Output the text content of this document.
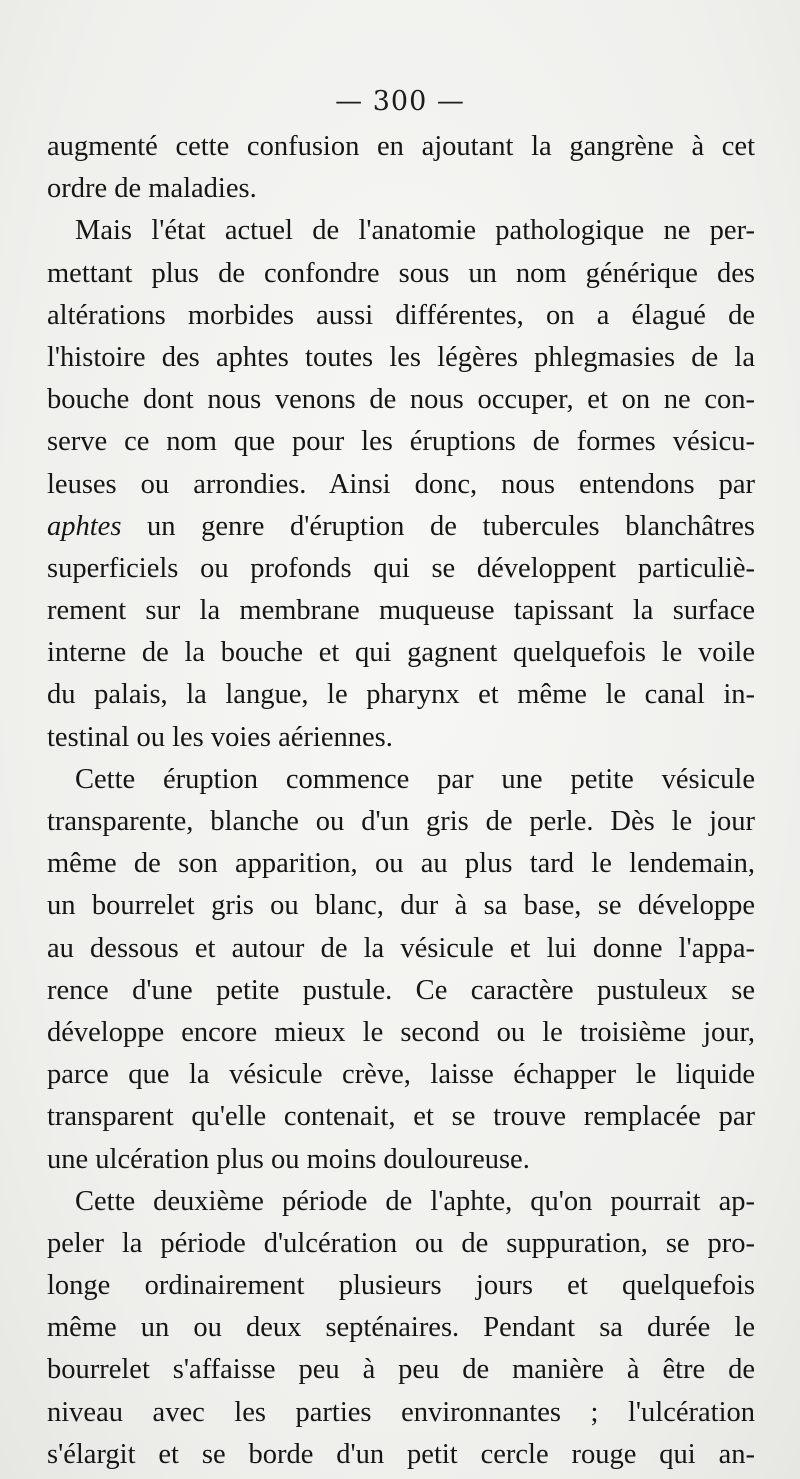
— 300 —
augmenté cette confusion en ajoutant la gangrène à cet
ordre de maladies.
Mais l'état actuel de l'anatomie pathologique ne per-
mettant plus de confondre sous un nom générique des
altérations morbides aussi différentes, on a élagué de
l'histoire des aphtes toutes les légères phlegmasies de la
bouche dont nous venons de nous occuper, et on ne con-
serve ce nom que pour les éruptions de formes vésicu-
leuses ou arrondies. Ainsi donc, nous entendons par
aphtes un genre d'éruption de tubercules blanchâtres
superficiels ou profonds qui se développent particuliè-
rement sur la membrane muqueuse tapissant la surface
interne de la bouche et qui gagnent quelquefois le voile
du palais, la langue, le pharynx et même le canal in-
testinal ou les voies aériennes.
Cette éruption commence par une petite vésicule
transparente, blanche ou d'un gris de perle. Dès le jour
même de son apparition, ou au plus tard le lendemain,
un bourrelet gris ou blanc, dur à sa base, se développe
au dessous et autour de la vésicule et lui donne l'appa-
rence d'une petite pustule. Ce caractère pustuleux se
développe encore mieux le second ou le troisième jour,
parce que la vésicule crève, laisse échapper le liquide
transparent qu'elle contenait, et se trouve remplacée par
une ulcération plus ou moins douloureuse.
Cette deuxième période de l'aphte, qu'on pourrait ap-
peler la période d'ulcération ou de suppuration, se pro-
longe ordinairement plusieurs jours et quelquefois
même un ou deux septénaires. Pendant sa durée le
bourrelet s'affaisse peu à peu de manière à être de
niveau avec les parties environnantes ; l'ulcération
s'élargit et se borde d'un petit cercle rouge qui an-
